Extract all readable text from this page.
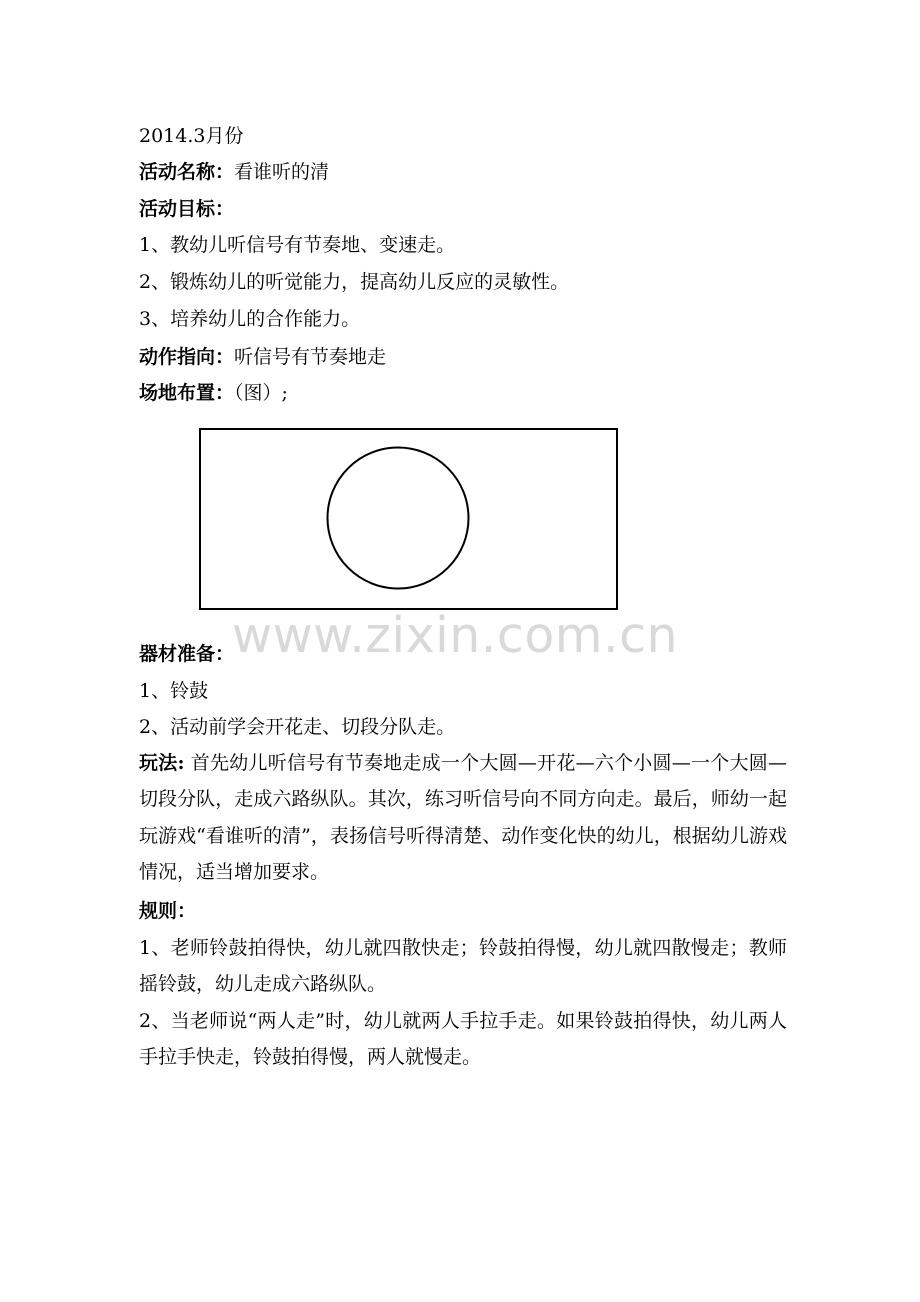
2014.3月份
活动名称：看谁听的清
活动目标：
1、教幼儿听信号有节奏地、变速走。
2、锻炼幼儿的听觉能力，提高幼儿反应的灵敏性。
3、培养幼儿的合作能力。
动作指向：听信号有节奏地走
场地布置：（图）;
www.zixin.com.cn
器材准备：
1、铃鼓
2、活动前学会开花走、切段分队走。
玩法: 首先幼儿听信号有节奏地走成一个大圆—开花—六个小圆—一个大圆—切段分队，走成六路纵队。其次，练习听信号向不同方向走。最后，师幼一起玩游戏“看谁听的清”，表扬信号听得清楚、动作变化快的幼儿，根据幼儿游戏情况，适当增加要求。
规则：
1、老师铃鼓拍得快，幼儿就四散快走；铃鼓拍得慢，幼儿就四散慢走；教师摇铃鼓，幼儿走成六路纵队。
2、当老师说“两人走”时，幼儿就两人手拉手走。如果铃鼓拍得快，幼儿两人手拉手快走，铃鼓拍得慢，两人就慢走。
